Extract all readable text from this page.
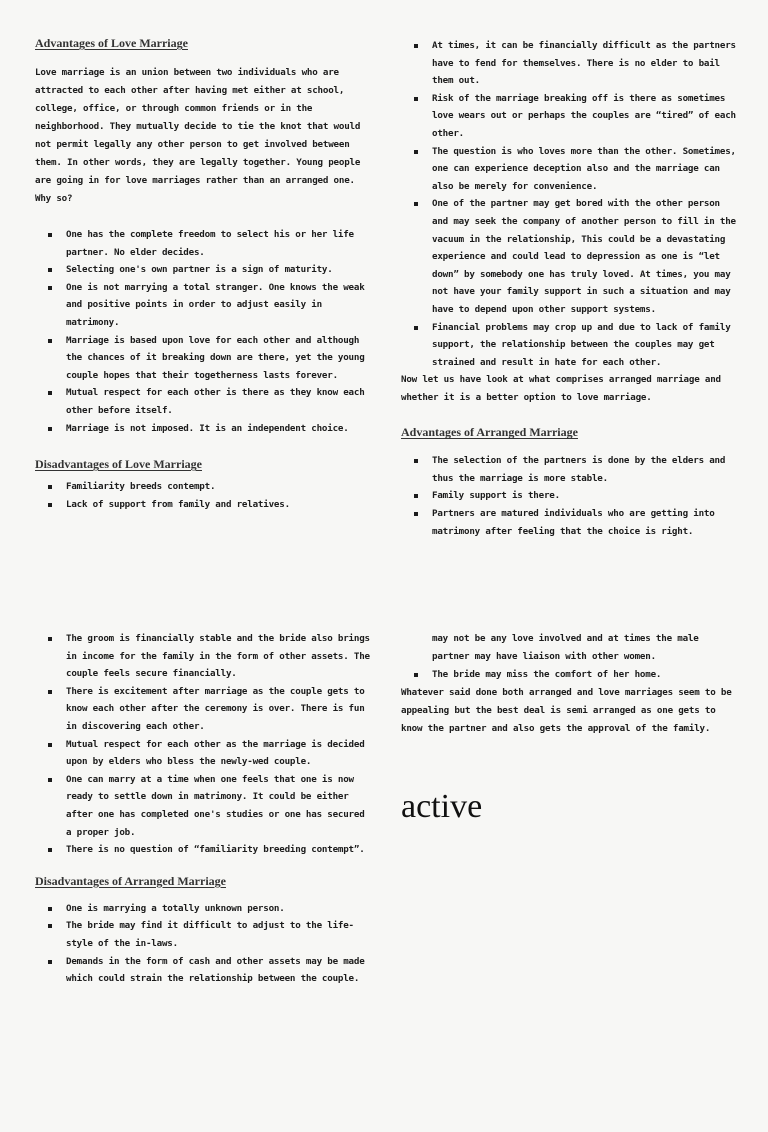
Advantages of Love Marriage

Love marriage is an union between two individuals who are attracted to each other after having met either at school, college, office, or through common friends or in the neighborhood. They mutually decide to tie the knot that would not permit legally any other person to get involved between them. In other words, they are legally together. Young people are going in for love marriages rather than an arranged one. Why so?

One has the complete freedom to select his or her life partner. No elder decides.
Selecting one's own partner is a sign of maturity.
One is not marrying a total stranger. One knows the weak and positive points in order to adjust easily in matrimony.
Marriage is based upon love for each other and although the chances of it breaking down are there, yet the young couple hopes that their togetherness lasts forever.
Mutual respect for each other is there as they know each other before itself.
Marriage is not imposed. It is an independent choice.
Disadvantages of Love Marriage
Familiarity breeds contempt.
Lack of support from family and relatives.
At times, it can be financially difficult as the partners have to fend for themselves. There is no elder to bail them out.
Risk of the marriage breaking off is there as sometimes love wears out or perhaps the couples are “tired” of each other.
The question is who loves more than the other. Sometimes, one can experience deception also and the marriage can also be merely for convenience.
One of the partner may get bored with the other person and may seek the company of another person to fill in the vacuum in the relationship, This could be a devastating experience and could lead to depression as one is “let down” by somebody one has truly loved. At times, you may not have your family support in such a situation and may have to depend upon other support systems.
Financial problems may crop up and due to lack of family support, the relationship between the couples may get strained and result in hate for each other.

Now let us have look at what comprises arranged marriage and whether it is a better option to love marriage.

Advantages of Arranged Marriage
The selection of the partners is done by the elders and thus the marriage is more stable.
Family support is there.
Partners are matured individuals who are getting into matrimony after feeling that the choice is right.
The groom is financially stable and the bride also brings in income for the family in the form of other assets. The couple feels secure financially.
There is excitement after marriage as the couple gets to know each other after the ceremony is over. There is fun in discovering each other.
Mutual respect for each other as the marriage is decided upon by elders who bless the newly-wed couple.
One can marry at a time when one feels that one is now ready to settle down in matrimony. It could be either after one has completed one's studies or one has secured a proper job.
There is no question of “familiarity breeding contempt”.
Disadvantages of Arranged Marriage
One is marrying a totally unknown person.
The bride may find it difficult to adjust to the life-style of the in-laws.
Demands in the form of cash and other assets may be made which could strain the relationship between the couple.

may not be any love involved and at times the male partner may have liaison with other women.

The bride may miss the comfort of her home.

Whatever said done both arranged and love marriages seem to be appealing but the best deal is semi arranged as one gets to know the partner and also gets the approval of the family.

active
